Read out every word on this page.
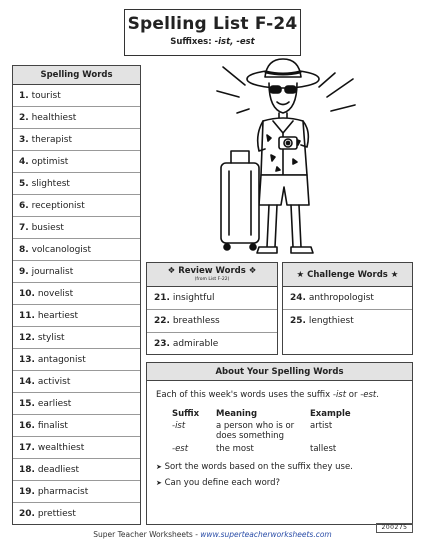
Spelling List F-24
Suffixes: -ist, -est
Spelling Words
1. tourist
2. healthiest
3. therapist
4. optimist
5. slightest
6. receptionist
7. busiest
8. volcanologist
9. journalist
10. novelist
11. heartiest
12. stylist
13. antagonist
14. activist
15. earliest
16. finalist
17. wealthiest
18. deadliest
19. pharmacist
20. prettiest
❖ Review Words ❖
(from List F-22)
21. insightful
22. breathless
23. admirable
★ Challenge Words ★
24. anthropologist
25. lengthiest
About Your Spelling Words
Each of this week's words uses the suffix -ist or -est.
Suffix	Meaning	Example
-ist	a person who is or does something	artist
-est	the most	tallest
➤ Sort the words based on the suffix they use.
➤ Can you define each word?
Super Teacher Worksheets - www.superteacherworksheets.com
200275
